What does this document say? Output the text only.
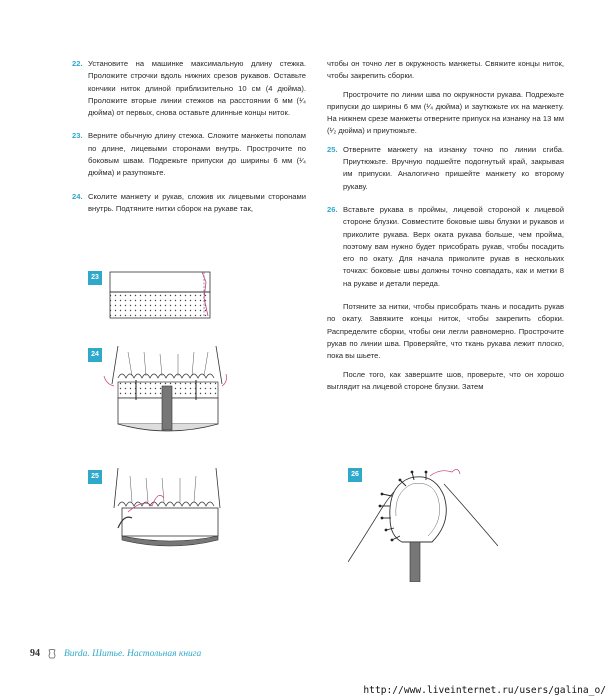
22. Установите на машинке максимальную длину стежка. Проложите строчки вдоль нижних срезов рукавов. Оставьте кончики ниток длиной приблизительно 10 см (4 дюйма). Проложите вторые линии стежков на расстоянии 6 мм (¹⁄₄ дюйма) от первых, снова оставьте длинные концы ниток.
23. Верните обычную длину стежка. Сложите манжеты пополам по длине, лицевыми сторонами внутрь. Прострочите по боковым швам. Подрежьте припуски до ширины 6 мм (¹⁄₄ дюйма) и разутюжьте.
24. Сколите манжету и рукав, сложив их лицевыми сторонами внутрь. Подтяните нитки сборок на рукаве так,
чтобы он точно лег в окружность манжеты. Свяжите концы ниток, чтобы закрепить сборки.
Прострочите по линии шва по окружности рукава. Подрежьте припуски до ширины 6 мм (¹⁄₄ дюйма) и заутюжьте их на манжету. На нижнем срезе манжеты отверните припуск на изнанку на 13 мм (¹⁄₂ дюйма) и приутюжьте.
25. Отверните манжету на изнанку точно по линии сгиба. Приутюжьте. Вручную подшейте подогнутый край, закрывая им припуски. Аналогично пришейте манжету ко второму рукаву.
26. Вставьте рукава в проймы, лицевой стороной к лицевой стороне блузки. Совместите боковые швы блузки и рукавов и приколите рукава. Верх оката рукава больше, чем пройма, поэтому вам нужно будет присобрать рукав, чтобы посадить его по окату. Для начала приколите рукав в нескольких точках: боковые швы должны точно совпадать, как и метки 8 на рукаве и детали переда.
Потяните за нитки, чтобы присобрать ткань и посадить рукав по окату. Завяжите концы ниток, чтобы закрепить сборки. Распределите сборки, чтобы они легли равномерно. Прострочите рукав по линии шва. Проверяйте, что ткань рукава лежит плоско, пока вы шьете.
После того, как завершите шов, проверьте, что он хорошо выглядит на лицевой стороне блузки. Затем
23
24
25	26
94	Burda. Шитье. Настольная книга
http://www.liveinternet.ru/users/galina_o/
